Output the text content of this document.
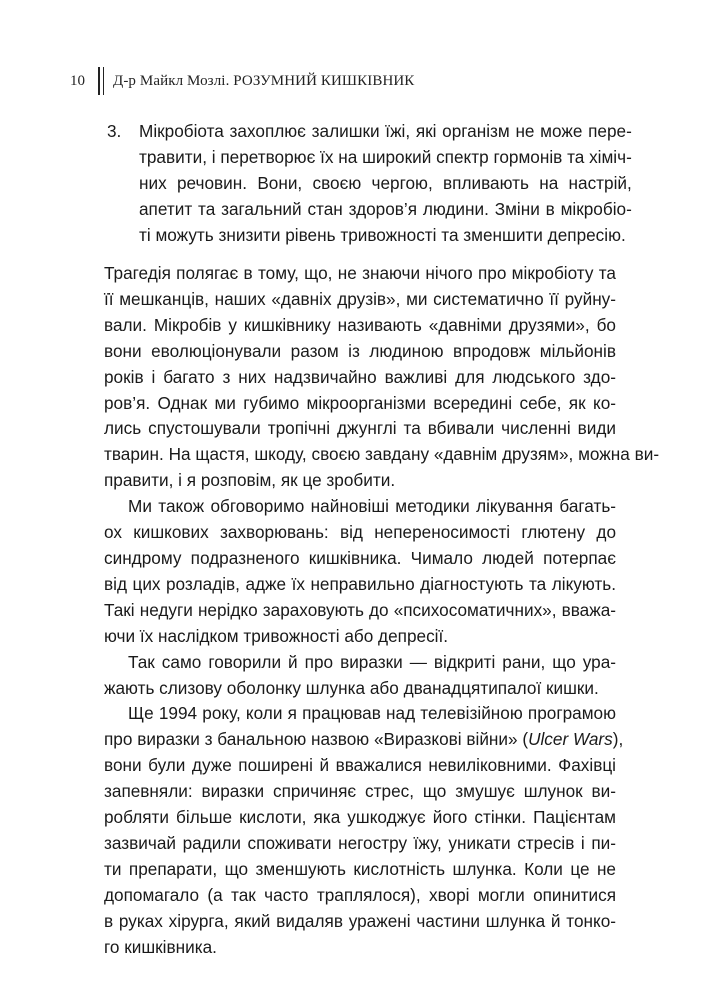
10	Д-р Майкл Мозлі. РОЗУМНИЙ КИШКІВНИК
3.	Мікробіота захоплює залишки їжі, які організм не може пере-
травити, і перетворює їх на широкий спектр гормонів та хіміч-
них речовин. Вони, своєю чергою, впливають на настрій,
апетит та загальний стан здоров’я людини. Зміни в мікробіо-
ті можуть знизити рівень тривожності та зменшити депресію.

Трагедія полягає в тому, що, не знаючи нічого про мікробіоту та
її мешканців, наших «давніх друзів», ми систематично її руйну-
вали. Мікробів у кишківнику називають «давніми друзями», бо
вони еволюціонували разом із людиною впродовж мільйонів
років і багато з них надзвичайно важливі для людського здо-
ров’я. Однак ми губимо мікроорганізми всередині себе, як ко-
лись спустошували тропічні джунглі та вбивали численні види
тварин. На щастя, шкоду, своєю завдану «давнім друзям», можна ви-
правити, і я розповім, як це зробити.

Ми також обговоримо найновіші методики лікування багать-
ох кишкових захворювань: від непереносимості глютену до
синдрому подразненого кишківника. Чимало людей потерпає
від цих розладів, адже їх неправильно діагностують та лікують.
Такі недуги нерідко зараховують до «психосоматичних», вважа-
ючи їх наслідком тривожності або депресії.

Так само говорили й про виразки — відкриті рани, що ура-
жають слизову оболонку шлунка або дванадцятипалої кишки.

Ще 1994 року, коли я працював над телевізійною програмою
про виразки з банальною назвою «Виразкові війни» (Ulcer Wars),
вони були дуже поширені й вважалися невиліковними. Фахівці
запевняли: виразки спричиняє стрес, що змушує шлунок ви-
робляти більше кислоти, яка ушкоджує його стінки. Пацієнтам
зазвичай радили споживати негостру їжу, уникати стресів і пи-
ти препарати, що зменшують кислотність шлунка. Коли це не
допомагало (а так часто траплялося), хворі могли опинитися
в руках хірурга, який видаляв уражені частини шлунка й тонко-
го кишківника.
